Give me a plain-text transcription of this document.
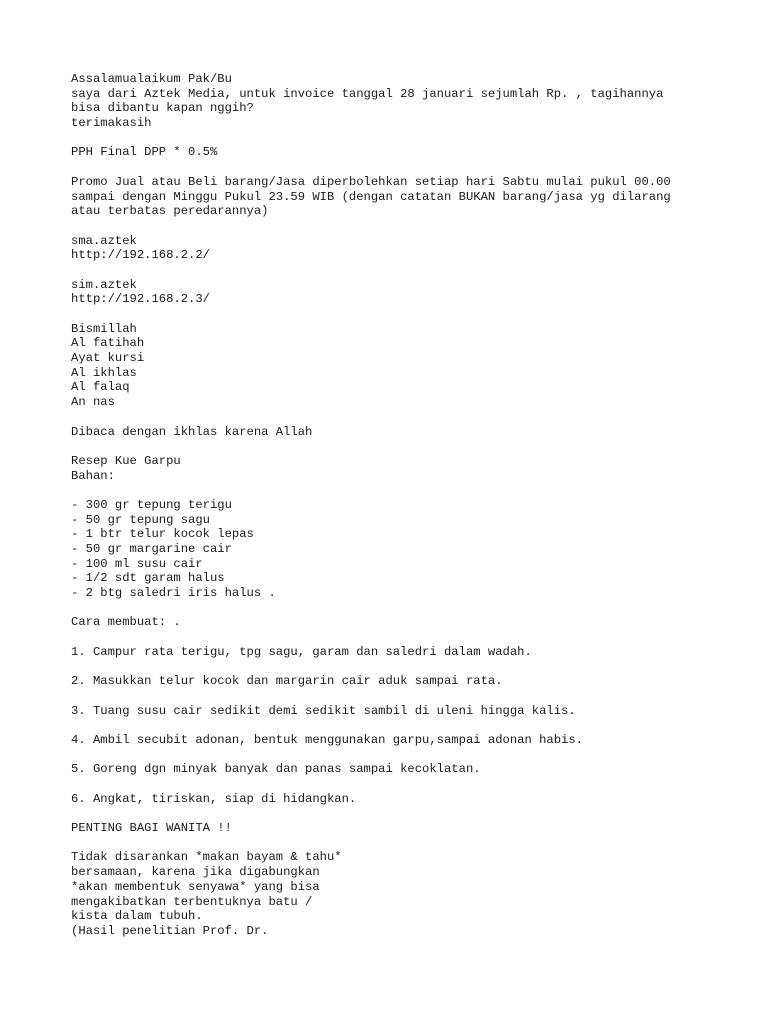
Assalamualaikum Pak/Bu
saya dari Aztek Media, untuk invoice tanggal 28 januari sejumlah Rp. , tagihannya
bisa dibantu kapan nggih?
terimakasih
PPH Final DPP * 0.5%
Promo Jual atau Beli barang/Jasa diperbolehkan setiap hari Sabtu mulai pukul 00.00
sampai dengan Minggu Pukul 23.59 WIB (dengan catatan BUKAN barang/jasa yg dilarang
atau terbatas peredarannya)
sma.aztek
http://192.168.2.2/
sim.aztek
http://192.168.2.3/
Bismillah
Al fatihah
Ayat kursi
Al ikhlas
Al falaq
An nas
Dibaca dengan ikhlas karena Allah
Resep Kue Garpu
Bahan:
- 300 gr tepung terigu
- 50 gr tepung sagu
- 1 btr telur kocok lepas
- 50 gr margarine cair
- 100 ml susu cair
- 1/2 sdt garam halus
- 2 btg saledri iris halus .
Cara membuat: .
1. Campur rata terigu, tpg sagu, garam dan saledri dalam wadah.
2. Masukkan telur kocok dan margarin cair aduk sampai rata.
3. Tuang susu cair sedikit demi sedikit sambil di uleni hingga kalis.
4. Ambil secubit adonan, bentuk menggunakan garpu,sampai adonan habis.
5. Goreng dgn minyak banyak dan panas sampai kecoklatan.
6. Angkat, tiriskan, siap di hidangkan.
PENTING BAGI WANITA !!
Tidak disarankan *makan bayam & tahu*
bersamaan, karena jika digabungkan
*akan membentuk senyawa* yang bisa
mengakibatkan terbentuknya batu /
kista dalam tubuh.
(Hasil penelitian Prof. Dr.
